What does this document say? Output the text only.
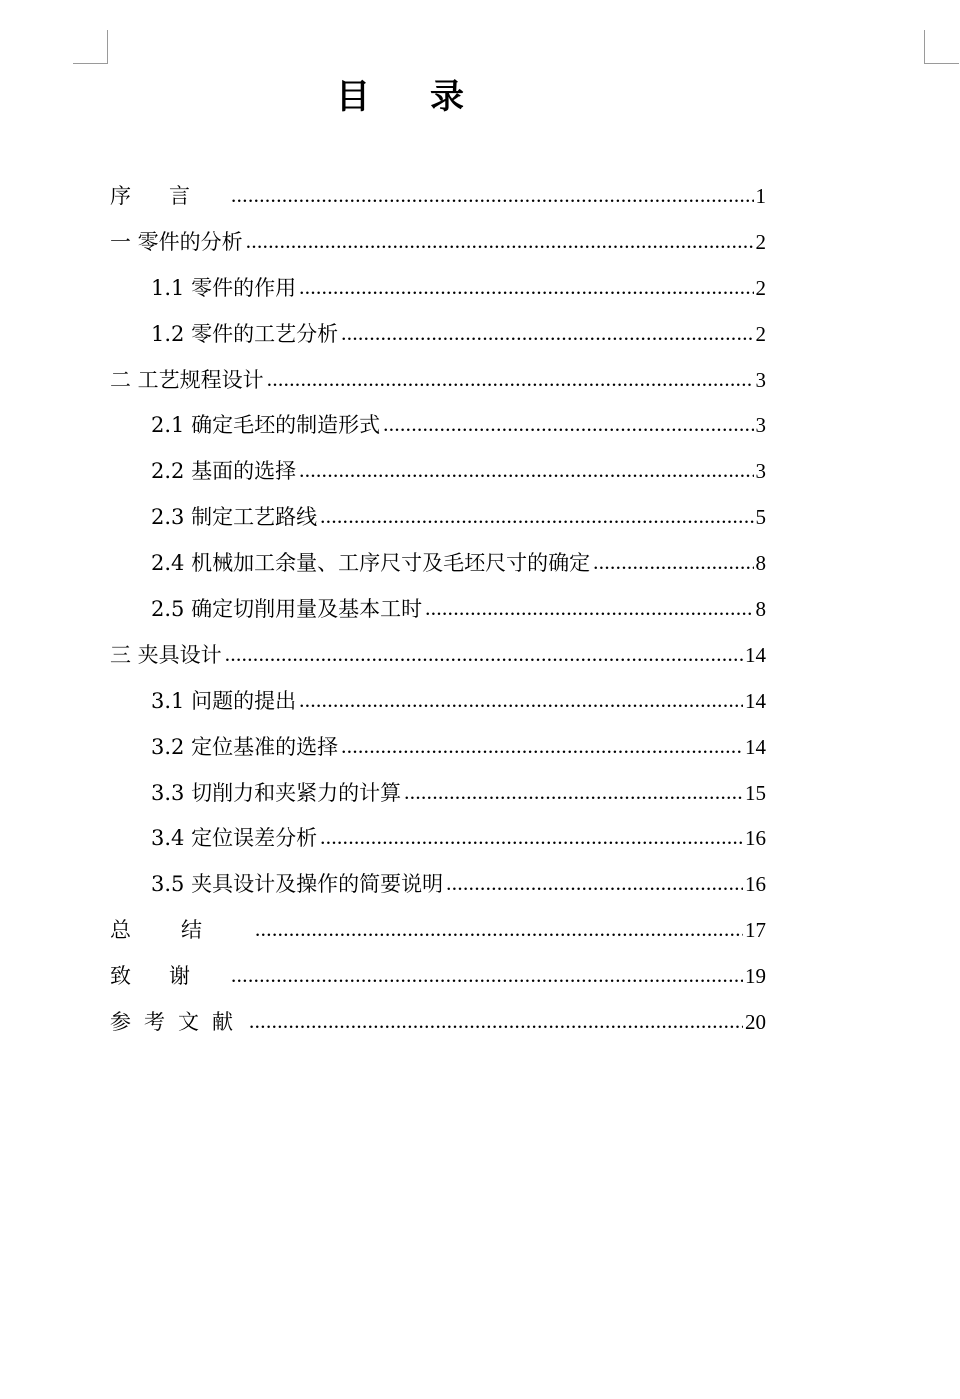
目录
序言 .....	1
一 零件的分析 .....	2
1.1 零件的作用 .....	2
1.2 零件的工艺分析 .....	2
二 工艺规程设计 .....	3
2.1 确定毛坯的制造形式 .....	3
2.2 基面的选择 .....	3
2.3 制定工艺路线 .....	5
2.4 机械加工余量、工序尺寸及毛坯尺寸的确定 .....	8
2.5 确定切削用量及基本工时 .....	8
三 夹具设计 .....	14
3.1 问题的提出 .....	14
3.2 定位基准的选择 .....	14
3.3 切削力和夹紧力的计算 .....	15
3.4 定位误差分析 .....	16
3.5 夹具设计及操作的简要说明 .....	16
总结 .....	17
致谢 .....	19
参考文献 .....	20
